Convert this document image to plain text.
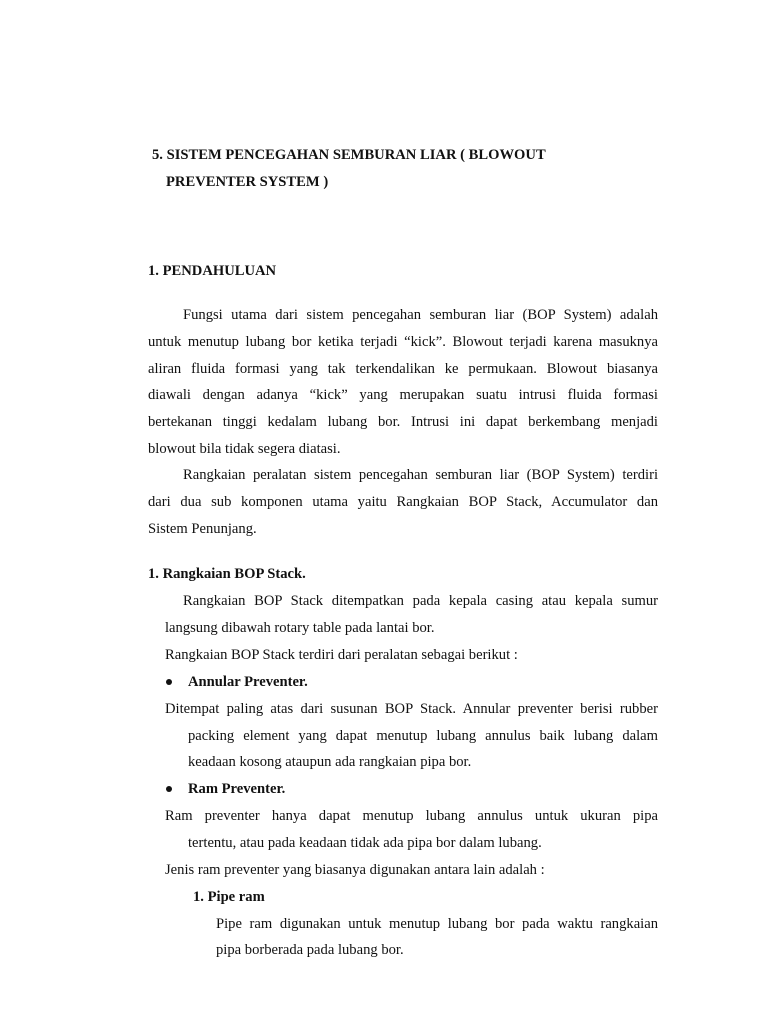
5. SISTEM PENCEGAHAN SEMBURAN LIAR ( BLOWOUT
PREVENTER SYSTEM )
1. PENDAHULUAN
Fungsi utama dari sistem pencegahan semburan liar (BOP System) adalah
untuk menutup lubang bor ketika terjadi “kick”. Blowout terjadi karena masuknya
aliran fluida formasi yang tak terkendalikan ke permukaan. Blowout biasanya
diawali dengan adanya “kick” yang merupakan suatu intrusi fluida formasi
bertekanan tinggi kedalam lubang bor. Intrusi ini dapat berkembang menjadi
blowout bila tidak segera diatasi.
Rangkaian peralatan sistem pencegahan semburan liar (BOP System) terdiri
dari dua sub komponen utama yaitu Rangkaian BOP Stack, Accumulator dan
Sistem Penunjang.
1. Rangkaian BOP Stack.
Rangkaian BOP Stack ditempatkan pada kepala casing atau kepala sumur
langsung dibawah rotary table pada lantai bor.
Rangkaian BOP Stack terdiri dari peralatan sebagai berikut :
Annular Preventer.
Ditempat paling atas dari susunan BOP Stack. Annular preventer berisi rubber
packing element yang dapat menutup lubang annulus baik lubang dalam
keadaan kosong ataupun ada rangkaian pipa bor.
Ram Preventer.
Ram preventer hanya dapat menutup lubang annulus untuk ukuran pipa
tertentu, atau pada keadaan tidak ada pipa bor dalam lubang.
Jenis ram preventer yang biasanya digunakan antara lain adalah :
1. Pipe ram
Pipe ram digunakan untuk menutup lubang bor pada waktu rangkaian
pipa borberada pada lubang bor.
